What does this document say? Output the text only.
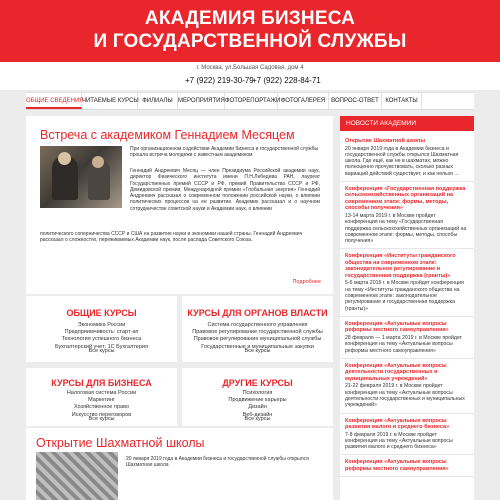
АКАДЕМИЯ БИЗНЕСА
И ГОСУДАРСТВЕННОЙ СЛУЖБЫ
г. Москва, ул.Большая Садовая, дом 4
+7 (922) 219-30-79
+7 (922) 228-84-71
ОБЩИЕ СВЕДЕНИЯ
ЧИТАЕМЫЕ КУРСЫ ФИЛИАЛЫ МЕРОПРИЯТИЯ ФОТОРЕПОРТАЖИ ФОТОГАЛЕРЕЯ ВОПРОС-ОТВЕТ	КОНТАКТЫ
Встреча с академиком Геннадием Месяцем
При организационном содействии Академии бизнеса и государственной службы прошла встреча молодежи с известным академиком
Геннадий Андреевич Месяц — член Президиума Российской академии наук, директор Физического института имени П.Н.Лебедева РАН, лауреат Государственных премий СССР и РФ, премий Правительства СССР и РФ, Демидовской премии, Международной премии «Глобальная энергия» Геннадий Андреевич рассказал о современном положении российской науки, о влиянии политических процессов на ее развитие. Академик рассказал и о научном сотрудничестве советской науки и Академии наук, о влиянии
политического соперничества СССР и США на развитие науки и экономики нашей страны. Геннадий Андреевич рассказал о сложностях, переживаемых Академии наук, после распада Советского Союза.
Подробнее
ОБЩИЕ КУРСЫ
Экономика России
Предприимчивость: старт-ап
Технология успешного бизнеса
Бухгалтерский учет: 1С Бухгалтерия
Все курсы
КУРСЫ ДЛЯ ОРГАНОВ ВЛАСТИ
Система государственного управления
Правовое регулирование государственной службы
Правовое регулирование муниципальной службы
Государственные и муниципальные закупки
Все курсы
КУРСЫ ДЛЯ БИЗНЕСА
Налоговая система России
Маркетинг
Хозяйственное право
Искусство переговоров
Все курсы
ДРУГИЕ КУРСЫ
Психология
Продвижение карьеры
Дизайн
Веб-дизайн
Все курсы
Открытие Шахматной школы
20 января 2019 года в Академии бизнеса и государственной службы открылся Шахматная школа
НОВОСТИ АКАДЕМИИ
Открытие Шахматной школы
20 января 2019 года в Академии бизнеса и государственной службы открылся Шахматная школа. Где ещё, как не в шахматах, можно полноценно прочувствовать, сколько разных вариаций действий существует, и как нельзя ...
Конференция «Государственная поддержка сельскохозяйственных организаций на современном этапе: формы, методы, способы получения»
13-14 марта 2019 г. в Москве пройдет конференция на тему «Государственная поддержка сельскохозяйственных организаций на современном этапе: формы, методы, способы получения»
Конференция «Институты гражданского общества на современном этапе: законодательное регулирование и государственная поддержка (гранты)»
5-6 марта 2019 г. в Москве пройдет конференция на тему «Институты гражданского общества на современном этапе: законодательное регулирование и государственная поддержка (гранты)»
Конференция «Актуальные вопросы реформы местного самоуправления»
28 февраля — 1 марта 2019 г. в Москве пройдет конференция на тему «Актуальные вопросы реформы местного самоуправления»
Конференция «Актуальные вопросы деятельности государственных и муниципальных учреждений»
21-22 февраля 2019 г. в Москве пройдет конференция на тему «Актуальные вопросы деятельности государственных и муниципальных учреждений»
Конференция «Актуальные вопросы развития малого и среднего бизнеса»
7-8 февраля 2019 г. в Москве пройдет конференция на тему «Актуальные вопросы развития малого и среднего бизнеса»
Конференция «Актуальные вопросы реформы местного самоуправления»
